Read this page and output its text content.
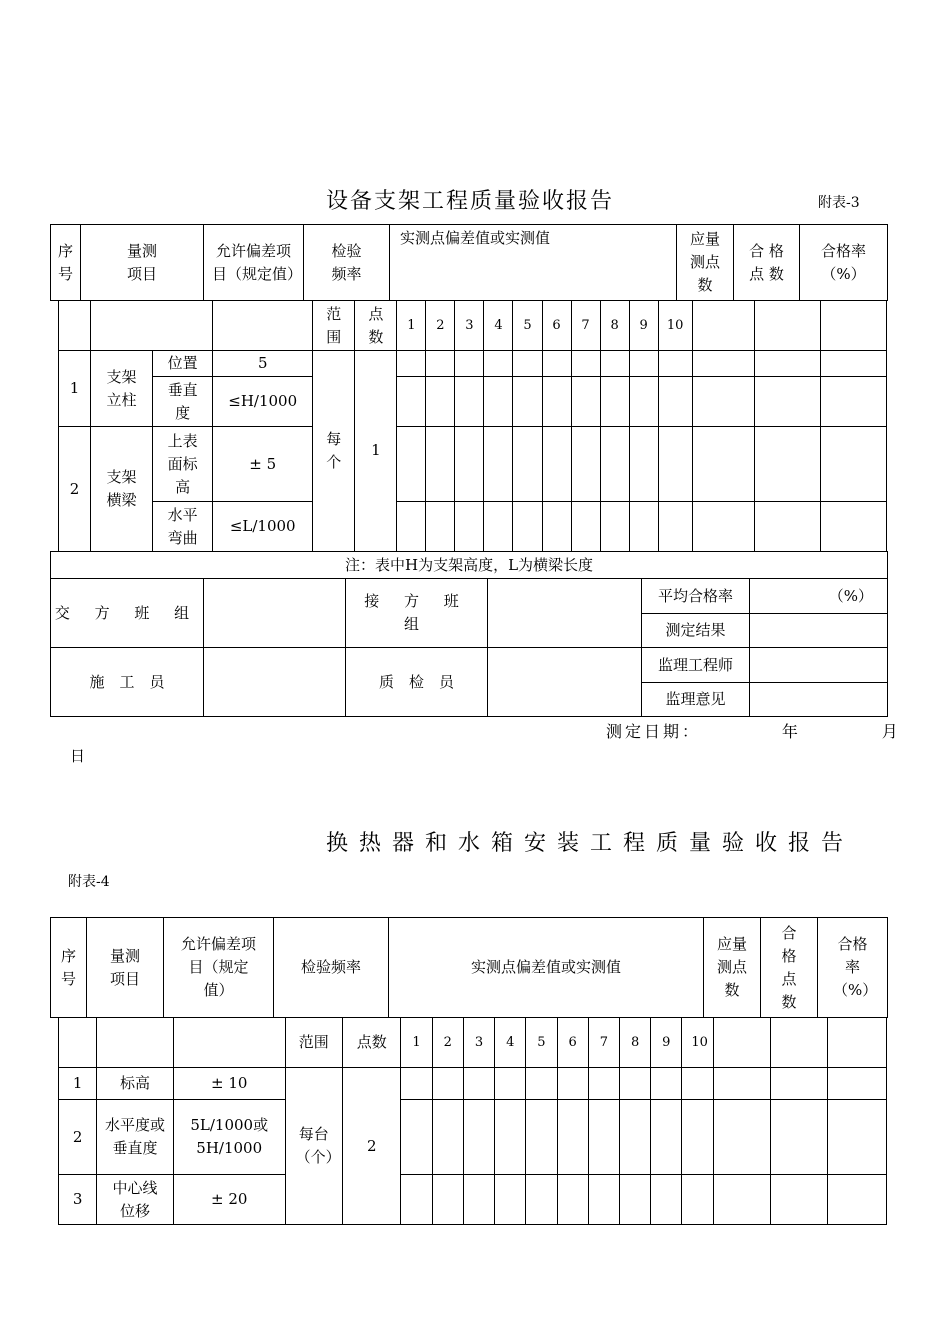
设备支架工程质量验收报告	附表-3
序号	量测项目	允许偏差项目（规定值）	检验频率	实测点偏差值或实测值	应量测点数	合 格点 数	合格率（%）
				范围	点数	1	2	3	4	5	6	7	8	9	10			
1	支架立柱	位置	5	每个	1													
		垂直度	≤H/1000															
2	支架横梁	上表面标高	± 5															
		水平弯曲	≤L/1000															
注：表中H为支架高度，L为横梁长度					
交 方 班 组		接 方 班 组		平均合格率	（%）
				测定结果	
施　工　员		质　检　员		监理工程师	
				监理意见	
测定日期：          年          月
日
换热器和水箱安装工程质量验收报告
附表-4
序号	量测项目	允许偏差项目（规定值）	检验频率	实测点偏差值或实测值	应量测点数	合格点数	合格率（%）
			范围	点数	1	2	3	4	5	6	7	8	9	10			
1	标高	± 10	每台（个）	2													
2	水平度或垂直度	5L/1000或5H/1000															
3	中心线位移	± 20															
